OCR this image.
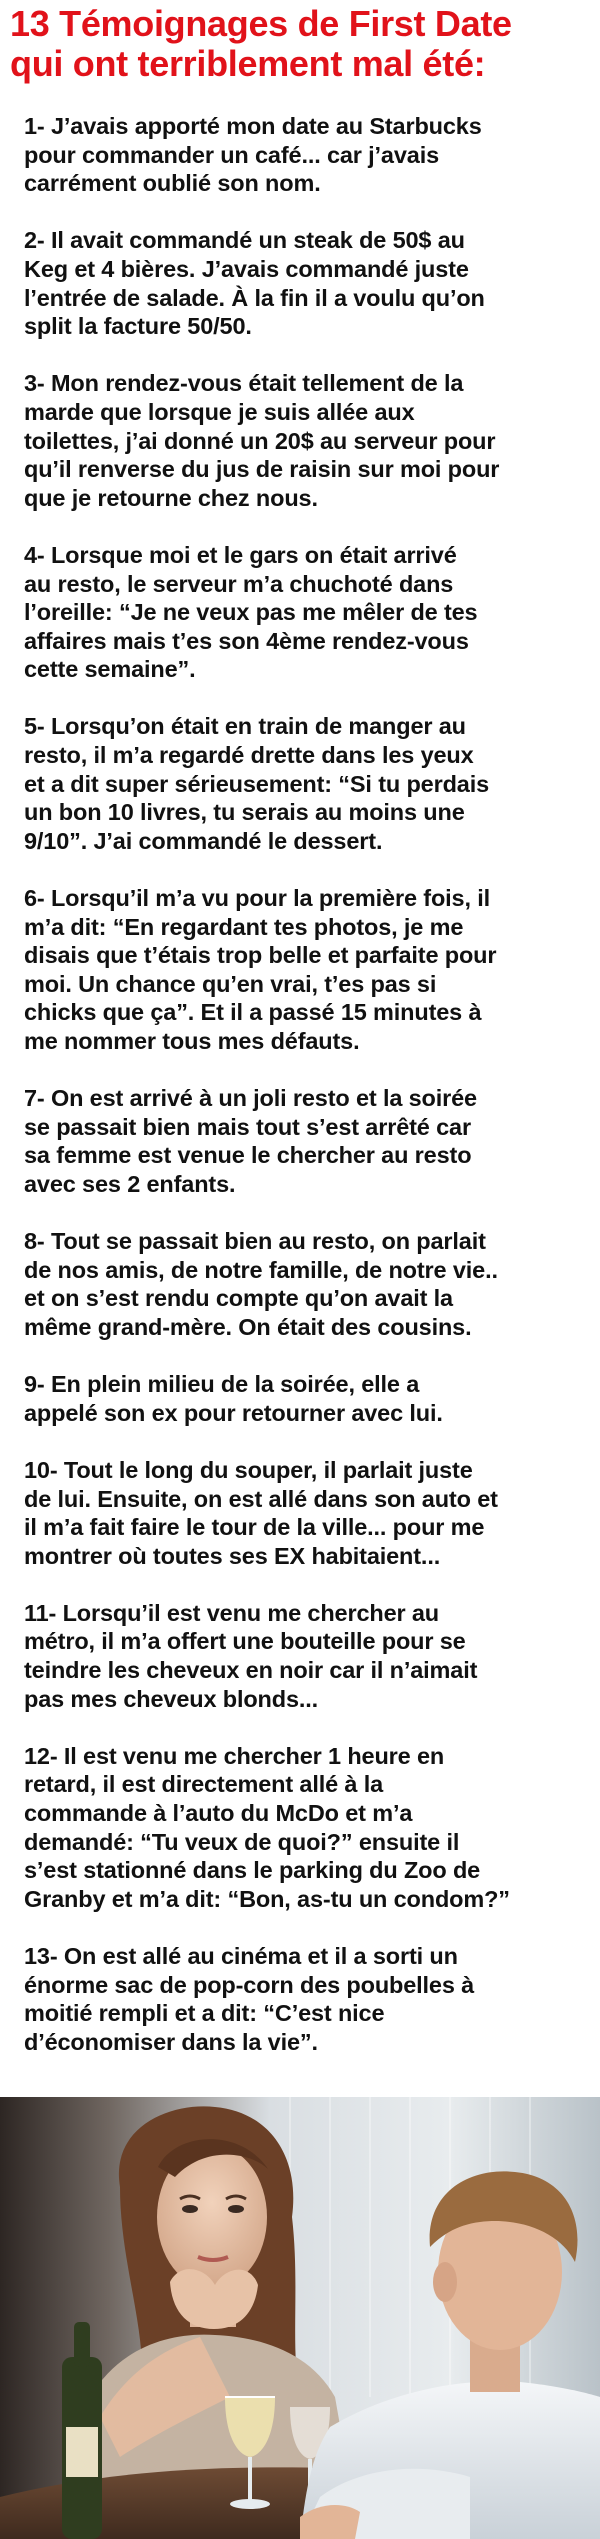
13 Témoignages de First Date
qui ont terriblement mal été:

1- J’avais apporté mon date au Starbucks
pour commander un café... car j’avais
carrément oublié son nom.

2- Il avait commandé un steak de 50$ au
Keg et 4 bières. J’avais commandé juste
l’entrée de salade. À la fin il a voulu qu’on
split la facture 50/50.

3- Mon rendez-vous était tellement de la
marde que lorsque je suis allée aux
toilettes, j’ai donné un 20$ au serveur pour
qu’il renverse du jus de raisin sur moi pour
que je retourne chez nous.

4- Lorsque moi et le gars on était arrivé
au resto, le serveur m’a chuchoté dans
l’oreille: “Je ne veux pas me mêler de tes
affaires mais t’es son 4ème rendez-vous
cette semaine”.

5- Lorsqu’on était en train de manger au
resto, il m’a regardé drette dans les yeux
et a dit super sérieusement: “Si tu perdais
un bon 10 livres, tu serais au moins une
9/10”. J’ai commandé le dessert.

6- Lorsqu’il m’a vu pour la première fois, il
m’a dit: “En regardant tes photos, je me
disais que t’étais trop belle et parfaite pour
moi. Un chance qu’en vrai, t’es pas si
chicks que ça”. Et il a passé 15 minutes à
me nommer tous mes défauts.

7- On est arrivé à un joli resto et la soirée
se passait bien mais tout s’est arrêté car
sa femme est venue le chercher au resto
avec ses 2 enfants.

8- Tout se passait bien au resto, on parlait
de nos amis, de notre famille, de notre vie..
et on s’est rendu compte qu’on avait la
même grand-mère. On était des cousins.

9- En plein milieu de la soirée, elle a
appelé son ex pour retourner avec lui.

10- Tout le long du souper, il parlait juste
de lui. Ensuite, on est allé dans son auto et
il m’a fait faire le tour de la ville... pour me
montrer où toutes ses EX habitaient...

11- Lorsqu’il est venu me chercher au
métro, il m’a offert une bouteille pour se
teindre les cheveux en noir car il n’aimait
pas mes cheveux blonds...

12- Il est venu me chercher 1 heure en
retard, il est directement allé à la
commande à l’auto du McDo et m’a
demandé: “Tu veux de quoi?” ensuite il
s’est stationné dans le parking du Zoo de
Granby et m’a dit: “Bon, as-tu un condom?”

13- On est allé au cinéma et il a sorti un
énorme sac de pop-corn des poubelles à
moitié rempli et a dit: “C’est nice
d’économiser dans la vie”.
